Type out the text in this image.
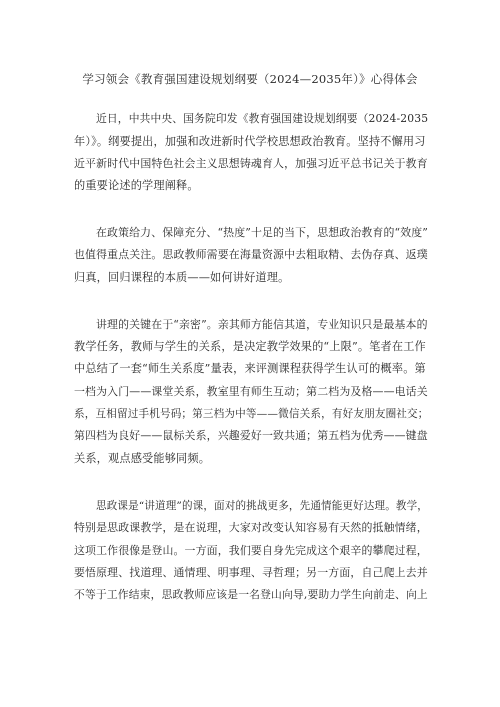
学习领会《教育强国建设规划纲要（2024—2035年）》心得体会
近日，中共中央、国务院印发《教育强国建设规划纲要（2024-2035
年）》。纲要提出，加强和改进新时代学校思想政治教育。坚持不懈用习
近平新时代中国特色社会主义思想铸魂育人，加强习近平总书记关于教育
的重要论述的学理阐释。
在政策给力、保障充分、“热度”十足的当下，思想政治教育的“效度”
也值得重点关注。思政教师需要在海量资源中去粗取精、去伪存真、返璞
归真，回归课程的本质——如何讲好道理。
讲理的关键在于“亲密”。亲其师方能信其道，专业知识只是最基本的
教学任务，教师与学生的关系，是决定教学效果的“上限”。笔者在工作
中总结了一套“师生关系度”量表，来评测课程获得学生认可的概率。第
一档为入门——课堂关系，教室里有师生互动；第二档为及格——电话关
系，互相留过手机号码；第三档为中等——微信关系，有好友朋友圈社交；
第四档为良好——鼠标关系，兴趣爱好一致共通；第五档为优秀——键盘
关系，观点感受能够同频。
思政课是“讲道理”的课，面对的挑战更多，先通情能更好达理。教学，
特别是思政课教学，是在说理，大家对改变认知容易有天然的抵触情绪，
这项工作很像是登山。一方面，我们要自身先完成这个艰辛的攀爬过程，
要悟原理、找道理、通情理、明事理、寻哲理；另一方面，自己爬上去并
不等于工作结束，思政教师应该是一名登山向导,要助力学生向前走、向上
